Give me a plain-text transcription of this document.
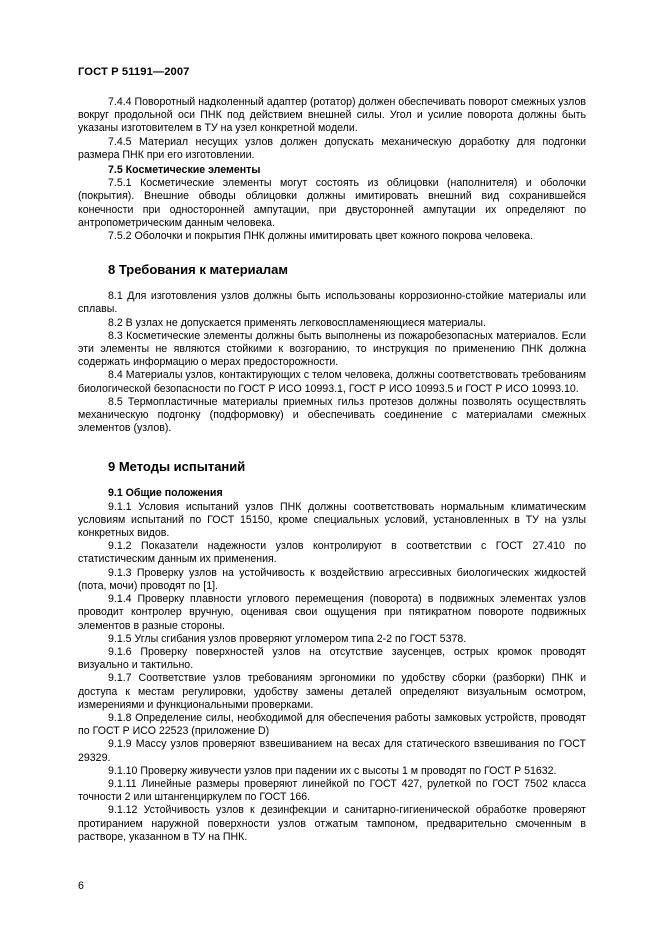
ГОСТ Р 51191—2007

7.4.4 Поворотный надколенный адаптер (ротатор) должен обеспечивать поворот смежных узлов вокруг продольной оси ПНК под действием внешней силы. Угол и усилие поворота должны быть указаны изготовителем в ТУ на узел конкретной модели.

7.4.5 Материал несущих узлов должен допускать механическую доработку для подгонки размера ПНК при его изготовлении.

7.5 Косметические элементы

7.5.1 Косметические элементы могут состоять из облицовки (наполнителя) и оболочки (покрытия). Внешние обводы облицовки должны имитировать внешний вид сохранившейся конечности при односторонней ампутации, при двусторонней ампутации их определяют по антропометрическим данным человека.

7.5.2 Оболочки и покрытия ПНК должны имитировать цвет кожного покрова человека.

8 Требования к материалам

8.1 Для изготовления узлов должны быть использованы коррозионно-стойкие материалы или сплавы.

8.2 В узлах не допускается применять легковоспламеняющиеся материалы.

8.3 Косметические элементы должны быть выполнены из пожаробезопасных материалов. Если эти элементы не являются стойкими к возгоранию, то инструкция по применению ПНК должна содержать информацию о мерах предосторожности.

8.4 Материалы узлов, контактирующих с телом человека, должны соответствовать требованиям биологической безопасности по ГОСТ Р ИСО 10993.1, ГОСТ Р ИСО 10993.5 и ГОСТ Р ИСО 10993.10.

8.5 Термопластичные материалы приемных гильз протезов должны позволять осуществлять механическую подгонку (подформовку) и обеспечивать соединение с материалами смежных элементов (узлов).

9 Методы испытаний

9.1 Общие положения

9.1.1 Условия испытаний узлов ПНК должны соответствовать нормальным климатическим условиям испытаний по ГОСТ 15150, кроме специальных условий, установленных в ТУ на узлы конкретных видов.

9.1.2 Показатели надежности узлов контролируют в соответствии с ГОСТ 27.410 по статистическим данным их применения.

9.1.3 Проверку узлов на устойчивость к воздействию агрессивных биологических жидкостей (пота, мочи) проводят по [1].

9.1.4 Проверку плавности углового перемещения (поворота) в подвижных элементах узлов проводит контролер вручную, оценивая свои ощущения при пятикратном повороте подвижных элементов в разные стороны.

9.1.5 Углы сгибания узлов проверяют угломером типа 2-2 по ГОСТ 5378.

9.1.6 Проверку поверхностей узлов на отсутствие заусенцев, острых кромок проводят визуально и тактильно.

9.1.7 Соответствие узлов требованиям эргономики по удобству сборки (разборки) ПНК и доступа к местам регулировки, удобству замены деталей определяют визуальным осмотром, измерениями и функциональными проверками.

9.1.8 Определение силы, необходимой для обеспечения работы замковых устройств, проводят по ГОСТ Р ИСО 22523 (приложение D)

9.1.9 Массу узлов проверяют взвешиванием на весах для статического взвешивания по ГОСТ 29329.

9.1.10 Проверку живучести узлов при падении их с высоты 1 м проводят по ГОСТ Р 51632.

9.1.11 Линейные размеры проверяют линейкой по ГОСТ 427, рулеткой по ГОСТ 7502 класса точности 2 или штангенциркулем по ГОСТ 166.

9.1.12 Устойчивость узлов к дезинфекции и санитарно-гигиенической обработке проверяют протиранием наружной поверхности узлов отжатым тампоном, предварительно смоченным в растворе, указанном в ТУ на ПНК.

6
